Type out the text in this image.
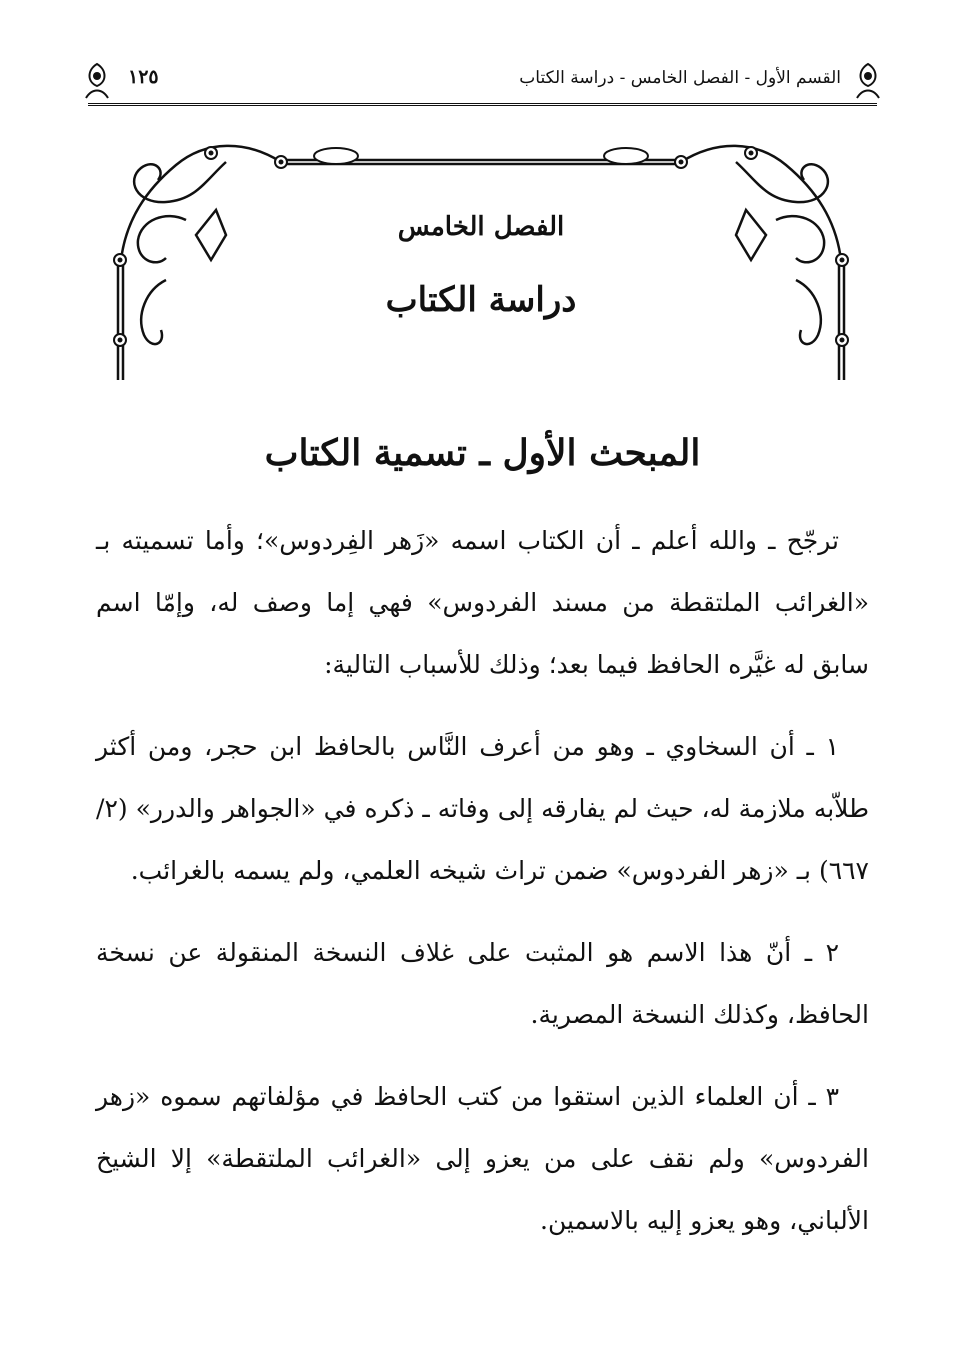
القسم الأول - الفصل الخامس - دراسة الكتاب
١٢٥
الفصل الخامس
دراسة الكتاب
المبحث الأول ـ تسمية الكتاب

ترجّح ـ والله أعلم ـ أن الكتاب اسمه «زَهر الفِردوس»؛ وأما تسميته بـ «الغرائب الملتقطة من مسند الفردوس» فهي إما وصف له، وإمّا اسم سابق له غيَّره الحافظ فيما بعد؛ وذلك للأسباب التالية:

١ ـ أن السخاوي ـ وهو من أعرف النَّاس بالحافظ ابن حجر، ومن أكثر طلاّبه ملازمة له، حيث لم يفارقه إلى وفاته ـ ذكره في «الجواهر والدرر» (٢/ ٦٦٧) بـ «زهر الفردوس» ضمن تراث شيخه العلمي، ولم يسمه بالغرائب.

٢ ـ أنّ هذا الاسم هو المثبت على غلاف النسخة المنقولة عن نسخة الحافظ، وكذلك النسخة المصرية.

٣ ـ أن العلماء الذين استقوا من كتب الحافظ في مؤلفاتهم سموه «زهر الفردوس» ولم نقف على من يعزو إلى «الغرائب الملتقطة» إلا الشيخ الألباني، وهو يعزو إليه بالاسمين.
